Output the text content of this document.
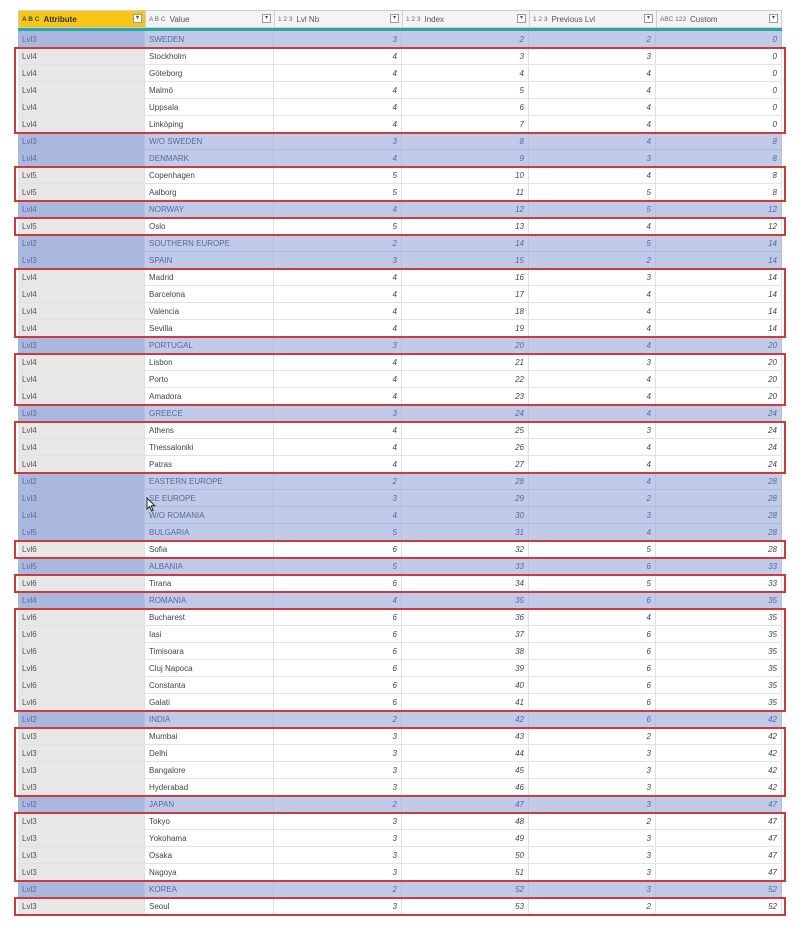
A B C Attribute	▾	A B C Value	▾	1 2 3 Lvl Nb	▾	1 2 3 Index	▾	1 2 3 Previous Lvl	▾	ABC 123 Custom	▾
Lvl3	SWEDEN	3	2	2	0
Lvl4	Stockholm	4	3	3	0
Lvl4	Göteborg	4	4	4	0
Lvl4	Malmö	4	5	4	0
Lvl4	Uppsala	4	6	4	0
Lvl4	Linköping	4	7	4	0
Lvl3	W/O SWEDEN	3	8	4	8
Lvl4	DENMARK	4	9	3	8
Lvl5	Copenhagen	5	10	4	8
Lvl5	Aalborg	5	11	5	8
Lvl4	NORWAY	4	12	5	12
Lvl5	Oslo	5	13	4	12
Lvl2	SOUTHERN EUROPE	2	14	5	14
Lvl3	SPAIN	3	15	2	14
Lvl4	Madrid	4	16	3	14
Lvl4	Barcelona	4	17	4	14
Lvl4	Valencia	4	18	4	14
Lvl4	Sevilla	4	19	4	14
Lvl3	PORTUGAL	3	20	4	20
Lvl4	Lisbon	4	21	3	20
Lvl4	Porto	4	22	4	20
Lvl4	Amadora	4	23	4	20
Lvl3	GREECE	3	24	4	24
Lvl4	Athens	4	25	3	24
Lvl4	Thessaloniki	4	26	4	24
Lvl4	Patras	4	27	4	24
Lvl2	EASTERN EUROPE	2	28	4	28
Lvl3	SE EUROPE	3	29	2	28
Lvl4	W/O ROMANIA	4	30	3	28
Lvl5	BULGARIA	5	31	4	28
Lvl6	Sofia	6	32	5	28
Lvl5	ALBANIA	5	33	6	33
Lvl6	Tirana	6	34	5	33
Lvl4	ROMANIA	4	35	6	35
Lvl6	Bucharest	6	36	4	35
Lvl6	Iasi	6	37	6	35
Lvl6	Timisoara	6	38	6	35
Lvl6	Cluj Napoca	6	39	6	35
Lvl6	Constanta	6	40	6	35
Lvl6	Galati	6	41	6	35
Lvl2	INDIA	2	42	6	42
Lvl3	Mumbai	3	43	2	42
Lvl3	Delhi	3	44	3	42
Lvl3	Bangalore	3	45	3	42
Lvl3	Hyderabad	3	46	3	42
Lvl2	JAPAN	2	47	3	47
Lvl3	Tokyo	3	48	2	47
Lvl3	Yokohama	3	49	3	47
Lvl3	Osaka	3	50	3	47
Lvl3	Nagoya	3	51	3	47
Lvl2	KOREA	2	52	3	52
Lvl3	Seoul	3	53	2	52
